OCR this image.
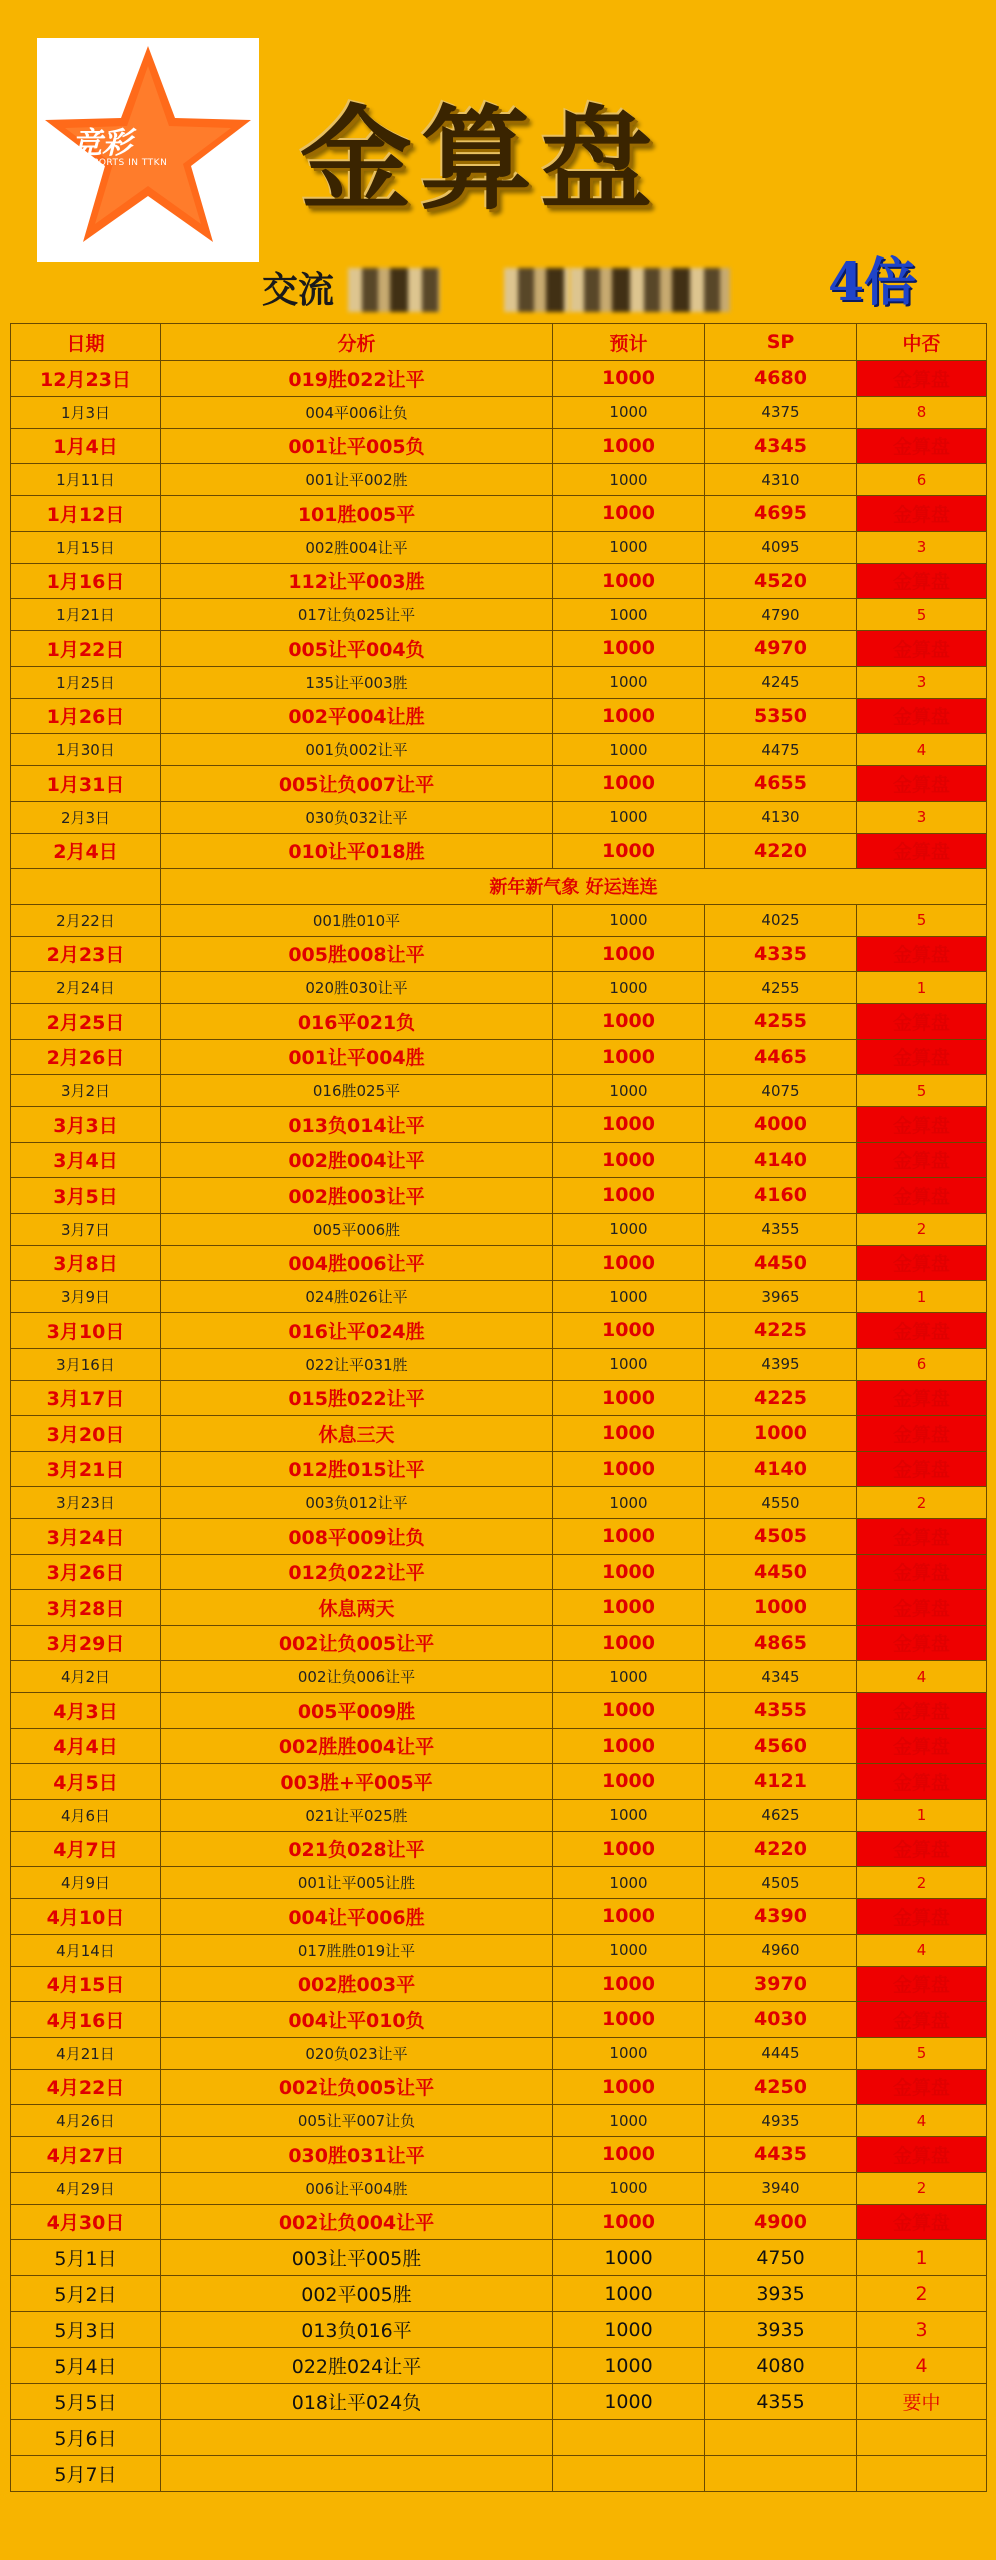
竞彩
SPORTS IN TTKN 金算盘
交流	4倍
日期	分析	预计	SP	中否
12月23日	019胜022让平	1000	4680	金算盘
1月3日	004平006让负	1000	4375	8
1月4日	001让平005负	1000	4345	金算盘
1月11日	001让平002胜	1000	4310	6
1月12日	101胜005平	1000	4695	金算盘
1月15日	002胜004让平	1000	4095	3
1月16日	112让平003胜	1000	4520	金算盘
1月21日	017让负025让平	1000	4790	5
1月22日	005让平004负	1000	4970	金算盘
1月25日	135让平003胜	1000	4245	3
1月26日	002平004让胜	1000	5350	金算盘
1月30日	001负002让平	1000	4475	4
1月31日	005让负007让平	1000	4655	金算盘
2月3日	030负032让平	1000	4130	3
2月4日	010让平018胜	1000	4220	金算盘
	新年新气象 好运连连			
2月22日	001胜010平	1000	4025	5
2月23日	005胜008让平	1000	4335	金算盘
2月24日	020胜030让平	1000	4255	1
2月25日	016平021负	1000	4255	金算盘
2月26日	001让平004胜	1000	4465	金算盘
3月2日	016胜025平	1000	4075	5
3月3日	013负014让平	1000	4000	金算盘
3月4日	002胜004让平	1000	4140	金算盘
3月5日	002胜003让平	1000	4160	金算盘
3月7日	005平006胜	1000	4355	2
3月8日	004胜006让平	1000	4450	金算盘
3月9日	024胜026让平	1000	3965	1
3月10日	016让平024胜	1000	4225	金算盘
3月16日	022让平031胜	1000	4395	6
3月17日	015胜022让平	1000	4225	金算盘
3月20日	休息三天	1000	1000	金算盘
3月21日	012胜015让平	1000	4140	金算盘
3月23日	003负012让平	1000	4550	2
3月24日	008平009让负	1000	4505	金算盘
3月26日	012负022让平	1000	4450	金算盘
3月28日	休息两天	1000	1000	金算盘
3月29日	002让负005让平	1000	4865	金算盘
4月2日	002让负006让平	1000	4345	4
4月3日	005平009胜	1000	4355	金算盘
4月4日	002胜胜004让平	1000	4560	金算盘
4月5日	003胜+平005平	1000	4121	金算盘
4月6日	021让平025胜	1000	4625	1
4月7日	021负028让平	1000	4220	金算盘
4月9日	001让平005让胜	1000	4505	2
4月10日	004让平006胜	1000	4390	金算盘
4月14日	017胜胜019让平	1000	4960	4
4月15日	002胜003平	1000	3970	金算盘
4月16日	004让平010负	1000	4030	金算盘
4月21日	020负023让平	1000	4445	5
4月22日	002让负005让平	1000	4250	金算盘
4月26日	005让平007让负	1000	4935	4
4月27日	030胜031让平	1000	4435	金算盘
4月29日	006让平004胜	1000	3940	2
4月30日	002让负004让平	1000	4900	金算盘
5月1日	003让平005胜	1000	4750	1
5月2日	002平005胜	1000	3935	2
5月3日	013负016平	1000	3935	3
5月4日	022胜024让平	1000	4080	4
5月5日	018让平024负	1000	4355	要中
5月6日				
5月7日				
